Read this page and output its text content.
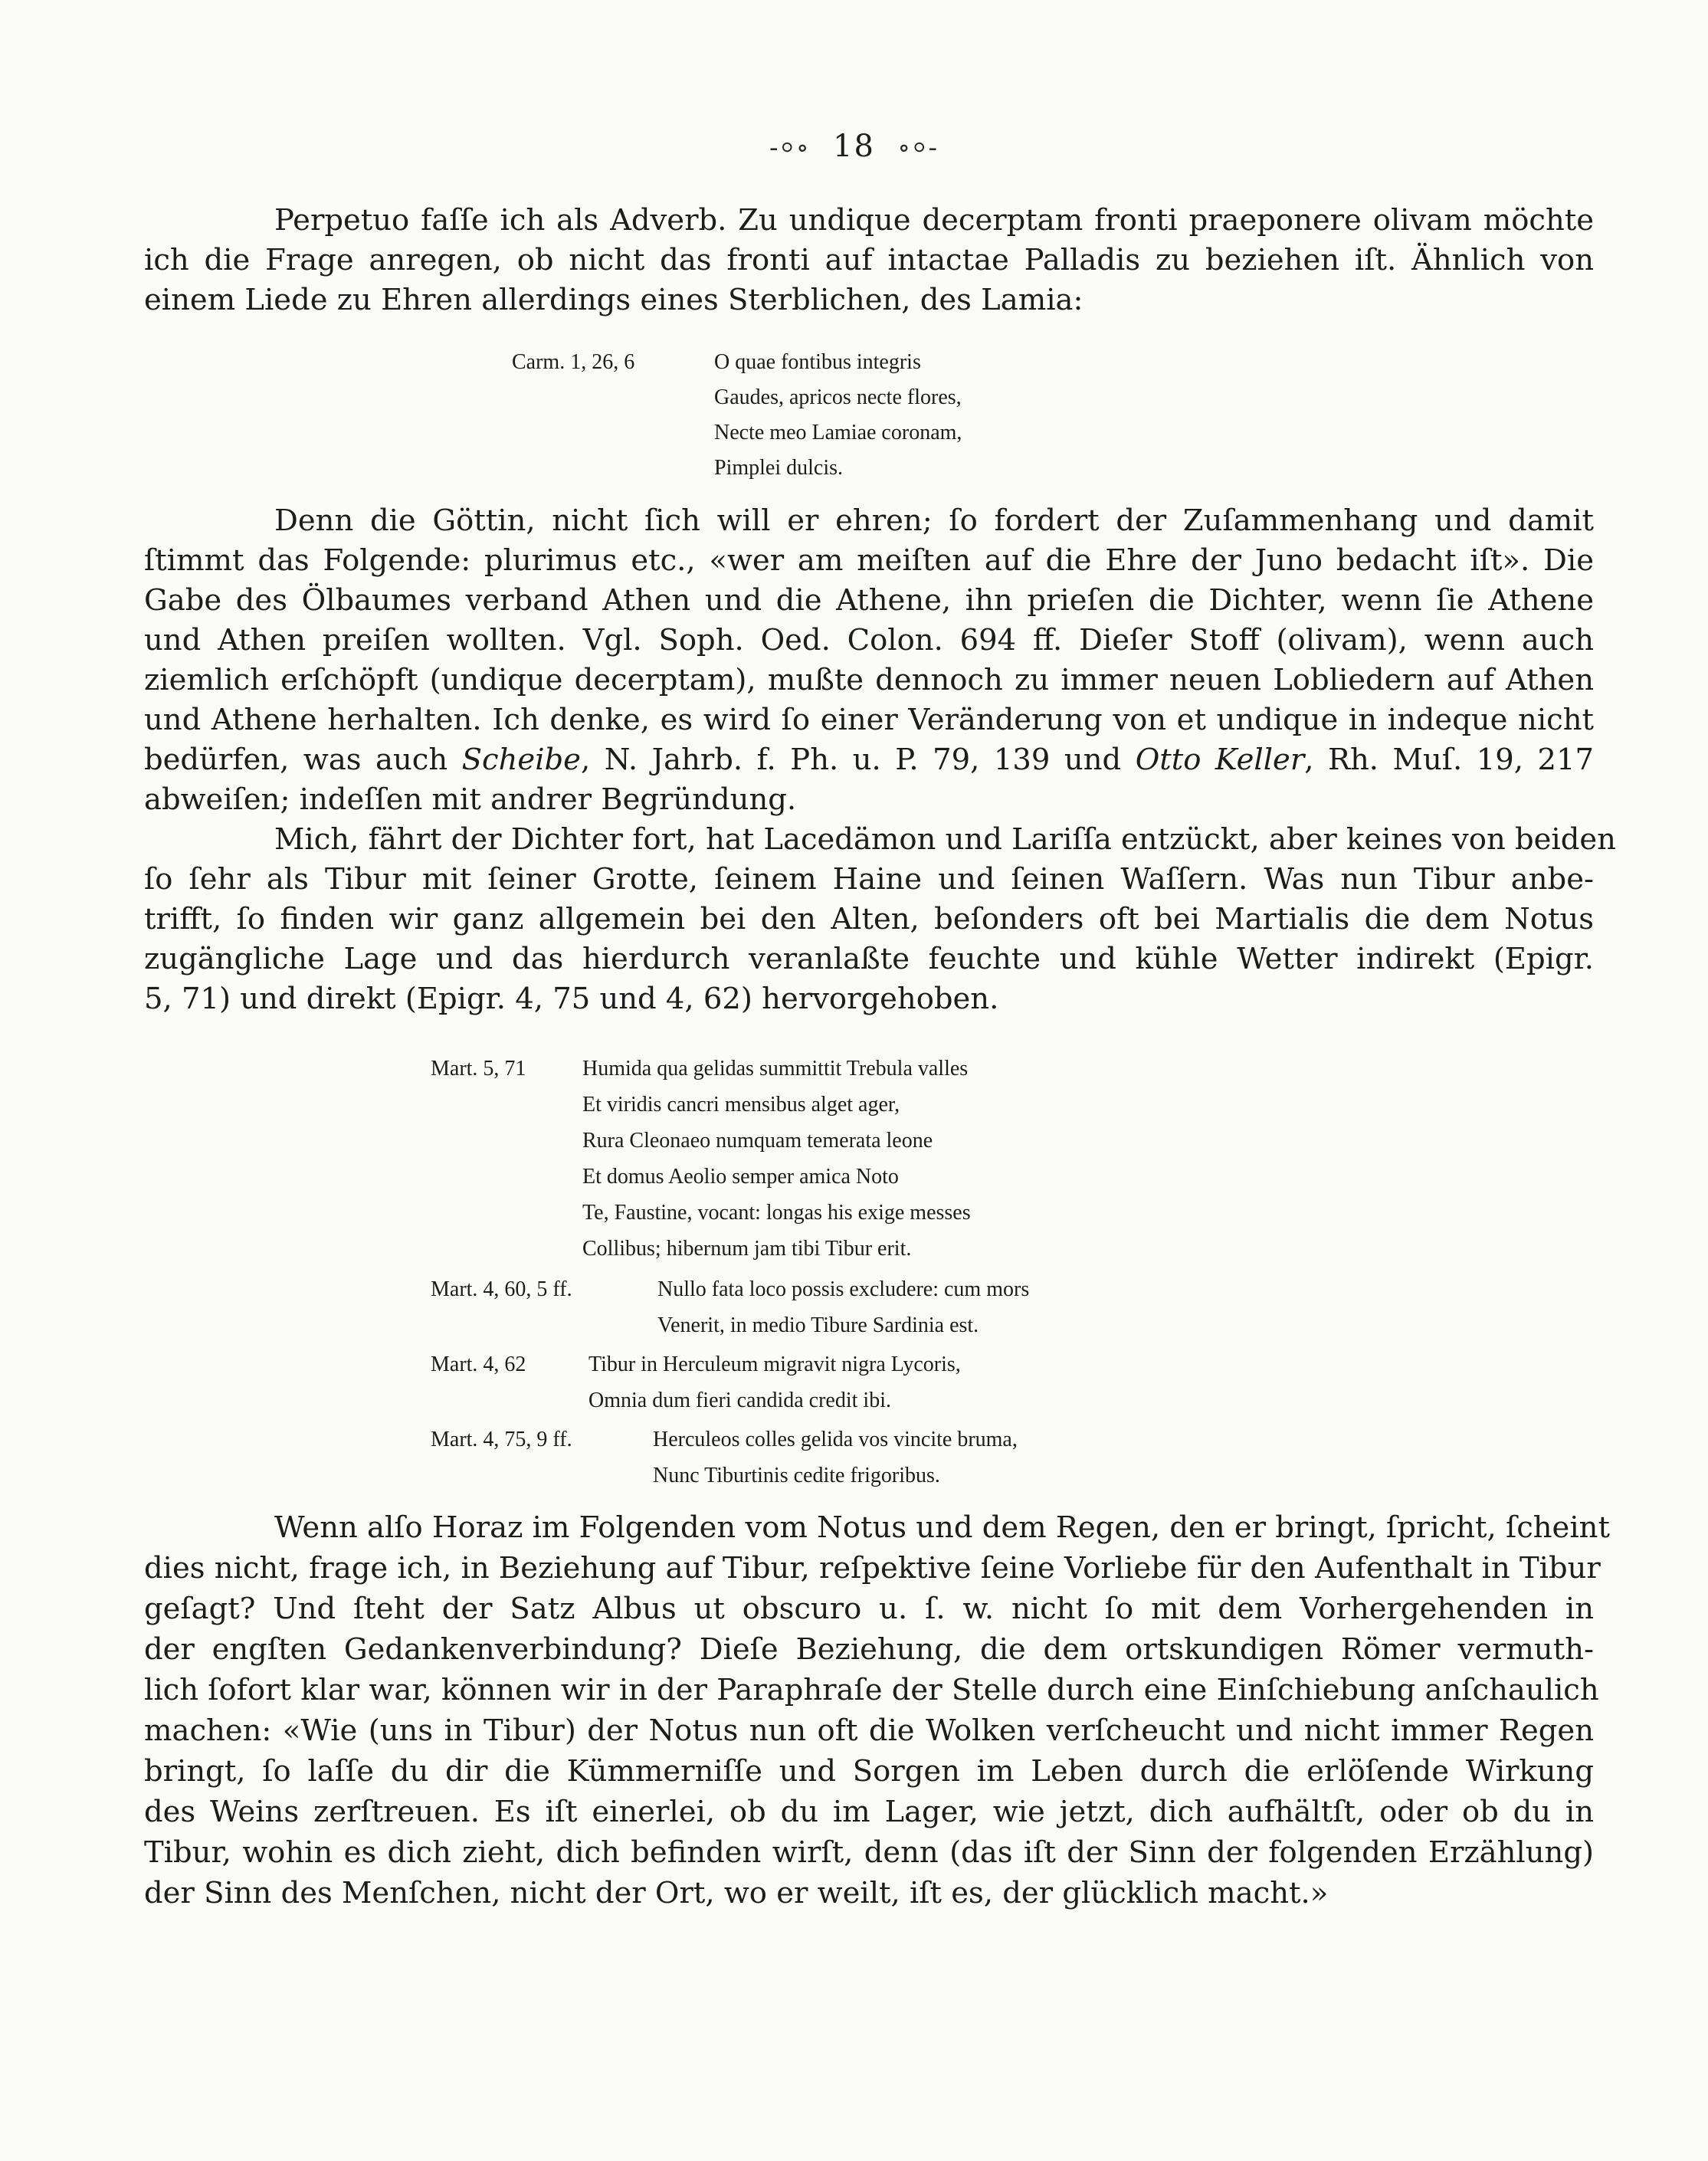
-⸰∘ 18 ∘⸰-
Perpetuo faſſe ich als Adverb. Zu undique decerptam fronti praeponere olivam möchte
ich die Frage anregen, ob nicht das fronti auf intactae Palladis zu beziehen iſt. Ähnlich von
einem Liede zu Ehren allerdings eines Sterblichen, des Lamia:
Carm. 1, 26, 6	O quae fontibus integris
Gaudes, apricos necte flores,
Necte meo Lamiae coronam,
Pimplei dulcis.
Denn die Göttin, nicht ſich will er ehren; ſo fordert der Zuſammenhang und damit
ſtimmt das Folgende: plurimus etc., «wer am meiſten auf die Ehre der Juno bedacht iſt». Die
Gabe des Ölbaumes verband Athen und die Athene, ihn prieſen die Dichter, wenn ſie Athene
und Athen preiſen wollten. Vgl. Soph. Oed. Colon. 694 ff. Dieſer Stoff (olivam), wenn auch
ziemlich erſchöpft (undique decerptam), mußte dennoch zu immer neuen Lobliedern auf Athen
und Athene herhalten. Ich denke, es wird ſo einer Veränderung von et undique in indeque nicht
bedürfen, was auch Scheibe, N. Jahrb. f. Ph. u. P. 79, 139 und Otto Keller, Rh. Muſ. 19, 217
abweiſen; indeſſen mit andrer Begründung.
Mich, fährt der Dichter fort, hat Lacedämon und Lariſſa entzückt, aber keines von beiden
ſo ſehr als Tibur mit ſeiner Grotte, ſeinem Haine und ſeinen Waſſern. Was nun Tibur anbe-
trifft, ſo finden wir ganz allgemein bei den Alten, beſonders oft bei Martialis die dem Notus
zugängliche Lage und das hierdurch veranlaßte feuchte und kühle Wetter indirekt (Epigr.
5, 71) und direkt (Epigr. 4, 75 und 4, 62) hervorgehoben.
Mart. 5, 71	Humida qua gelidas summittit Trebula valles
Et viridis cancri mensibus alget ager,
Rura Cleonaeo numquam temerata leone
Et domus Aeolio semper amica Noto
Te, Faustine, vocant: longas his exige messes
Collibus; hibernum jam tibi Tibur erit.
Mart. 4, 60, 5 ff.	Nullo fata loco possis excludere: cum mors
Venerit, in medio Tibure Sardinia est.
Mart. 4, 62	Tibur in Herculeum migravit nigra Lycoris,
Omnia dum fieri candida credit ibi.
Mart. 4, 75, 9 ff.	Herculeos colles gelida vos vincite bruma,
Nunc Tiburtinis cedite frigoribus.
Wenn alſo Horaz im Folgenden vom Notus und dem Regen, den er bringt, ſpricht, ſcheint
dies nicht, frage ich, in Beziehung auf Tibur, reſpektive ſeine Vorliebe für den Aufenthalt in Tibur
geſagt? Und ſteht der Satz Albus ut obscuro u. ſ. w. nicht ſo mit dem Vorhergehenden in
der engſten Gedankenverbindung? Dieſe Beziehung, die dem ortskundigen Römer vermuth-
lich ſofort klar war, können wir in der Paraphraſe der Stelle durch eine Einſchiebung anſchaulich
machen: «Wie (uns in Tibur) der Notus nun oft die Wolken verſcheucht und nicht immer Regen
bringt, ſo laſſe du dir die Kümmerniſſe und Sorgen im Leben durch die erlöſende Wirkung
des Weins zerſtreuen. Es iſt einerlei, ob du im Lager, wie jetzt, dich aufhältſt, oder ob du in
Tibur, wohin es dich zieht, dich befinden wirſt, denn (das iſt der Sinn der folgenden Erzählung)
der Sinn des Menſchen, nicht der Ort, wo er weilt, iſt es, der glücklich macht.»
